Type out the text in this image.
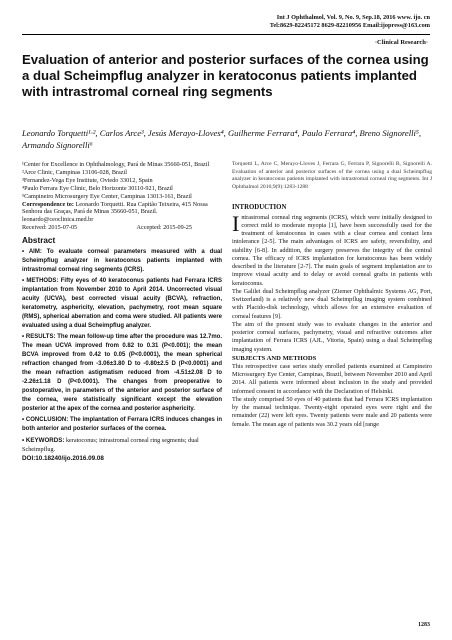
Int J Ophthalmol, Vol. 9, No. 9, Sep.18, 2016 www. ijo. cn
Tel:8629-82245172 8629-82210956 Email:ijopress@163.com
·Clinical Research·
Evaluation of anterior and posterior surfaces of the cornea using a dual Scheimpflug analyzer in keratoconus patients implanted with intrastromal corneal ring segments
Leonardo Torquetti¹·², Carlos Arce³, Jesús Merayo-Lloves⁴, Guilherme Ferrara⁴, Paulo Ferrara⁴, Breno Signorelli⁵, Armando Signorelli⁶
¹Center for Excellence in Ophthalmology, Pará de Minas 35660-051, Brazil
²Arce Clinic, Campinas 13106-028, Brazil
³Fernandez-Vega Eye Institute, Oviedo 33012, Spain
⁴Paulo Ferrara Eye Clinic, Belo Horizonte 30110-921, Brazil
⁵Campineiro Microsurgery Eye Center, Campinas 13013-161, Brazil
Correspondence to: Leonardo Torquetti. Rua Capitão Teixeira, 415 Nossa Senhora das Graças, Pará de Minas 35660-051, Brazil. leonardo@ceoclinica.med.br
Received: 2015-07-05	Accepted: 2015-09-25
Abstract

• AIM: To evaluate corneal parameters measured with a dual Scheimpflug analyzer in keratoconus patients implanted with intrastromal corneal ring segments (ICRS).

• METHODS: Fifty eyes of 40 keratoconus patients had Ferrara ICRS implantation from November 2010 to April 2014. Uncorrected visual acuity (UCVA), best corrected visual acuity (BCVA), refraction, keratometry, asphericity, elevation, pachymetry, root mean square (RMS), spherical aberration and coma were studied. All patients were evaluated using a dual Scheimpflug analyzer.

• RESULTS: The mean follow-up time after the procedure was 12.7mo. The mean UCVA improved from 0.82 to 0.31 (P<0.001); the mean BCVA improved from 0.42 to 0.05 (P<0.0001), the mean spherical refraction changed from -3.06±3.80 D to -0.80±2.5 D (P<0.0001) and the mean refraction astigmatism reduced from -4.51±2.08 D to -2.26±1.18 D (P<0.0001). The changes from preoperative to postoperative, in parameters of the anterior and posterior surface of the cornea, were statistically significant except the elevation posterior at the apex of the cornea and posterior asphericity.

• CONCLUSION: The implantation of Ferrara ICRS induces changes in both anterior and posterior surfaces of the cornea.

• KEYWORDS: keratoconus; intrastromal corneal ring segments; dual Scheimpflug.

DOI:10.18240/ijo.2016.09.08

Torquetti L, Arce C, Merayo-Lloves J, Ferrara G, Ferrara P, Signorelli B, Signorelli A. Evaluation of anterior and posterior surfaces of the cornea using a dual Scheimpflug analyzer in keratoconus patients implanted with intrastromal corneal ring segments. Int J Ophthalmol 2016;9(9):1283-1288

INTRODUCTION

Intrastromal corneal ring segments (ICRS), which were initially designed to correct mild to moderate myopia [1], have been successfully used for the treatment of keratoconus in cases with a clear cornea and contact lens intolerance [2-5]. The main advantages of ICRS are safety, reversibility, and stability [6-8]. In addition, the surgery preserves the integrity of the central cornea. The efficacy of ICRS implantation for keratoconus has been widely described in the literature [2-7]. The main goals of segment implantation are to improve visual acuity and to delay or avoid corneal grafts in patients with keratoconus.

The Galilei dual Scheimpflug analyzer (Ziemer Ophthalmic Systems AG, Port, Switzerland) is a relatively new dual Scheimpflug imaging system combined with Placido-disk technology, which allows for an extensive evaluation of corneal features [9].

The aim of the present study was to evaluate changes in the anterior and posterior corneal surfaces, pachymetry, visual and refractive outcomes after implantation of Ferrara ICRS (AJL, Vitoria, Spain) using a dual Scheimpflug imaging system.

SUBJECTS AND METHODS

This retrospective case series study enrolled patients examined at Campineiro Microsurgery Eye Center, Campinas, Brazil, between November 2010 and April 2014. All patients were informed about inclusion in the study and provided informed consent in accordance with the Declaration of Helsinki.

The study comprised 50 eyes of 40 patients that had Ferrara ICRS implantation by the manual technique. Twenty-eight operated eyes were right and the remainder (22) were left eyes. Twenty patients were male and 20 patients were female. The mean age of patients was 30.2 years old [range

1283
